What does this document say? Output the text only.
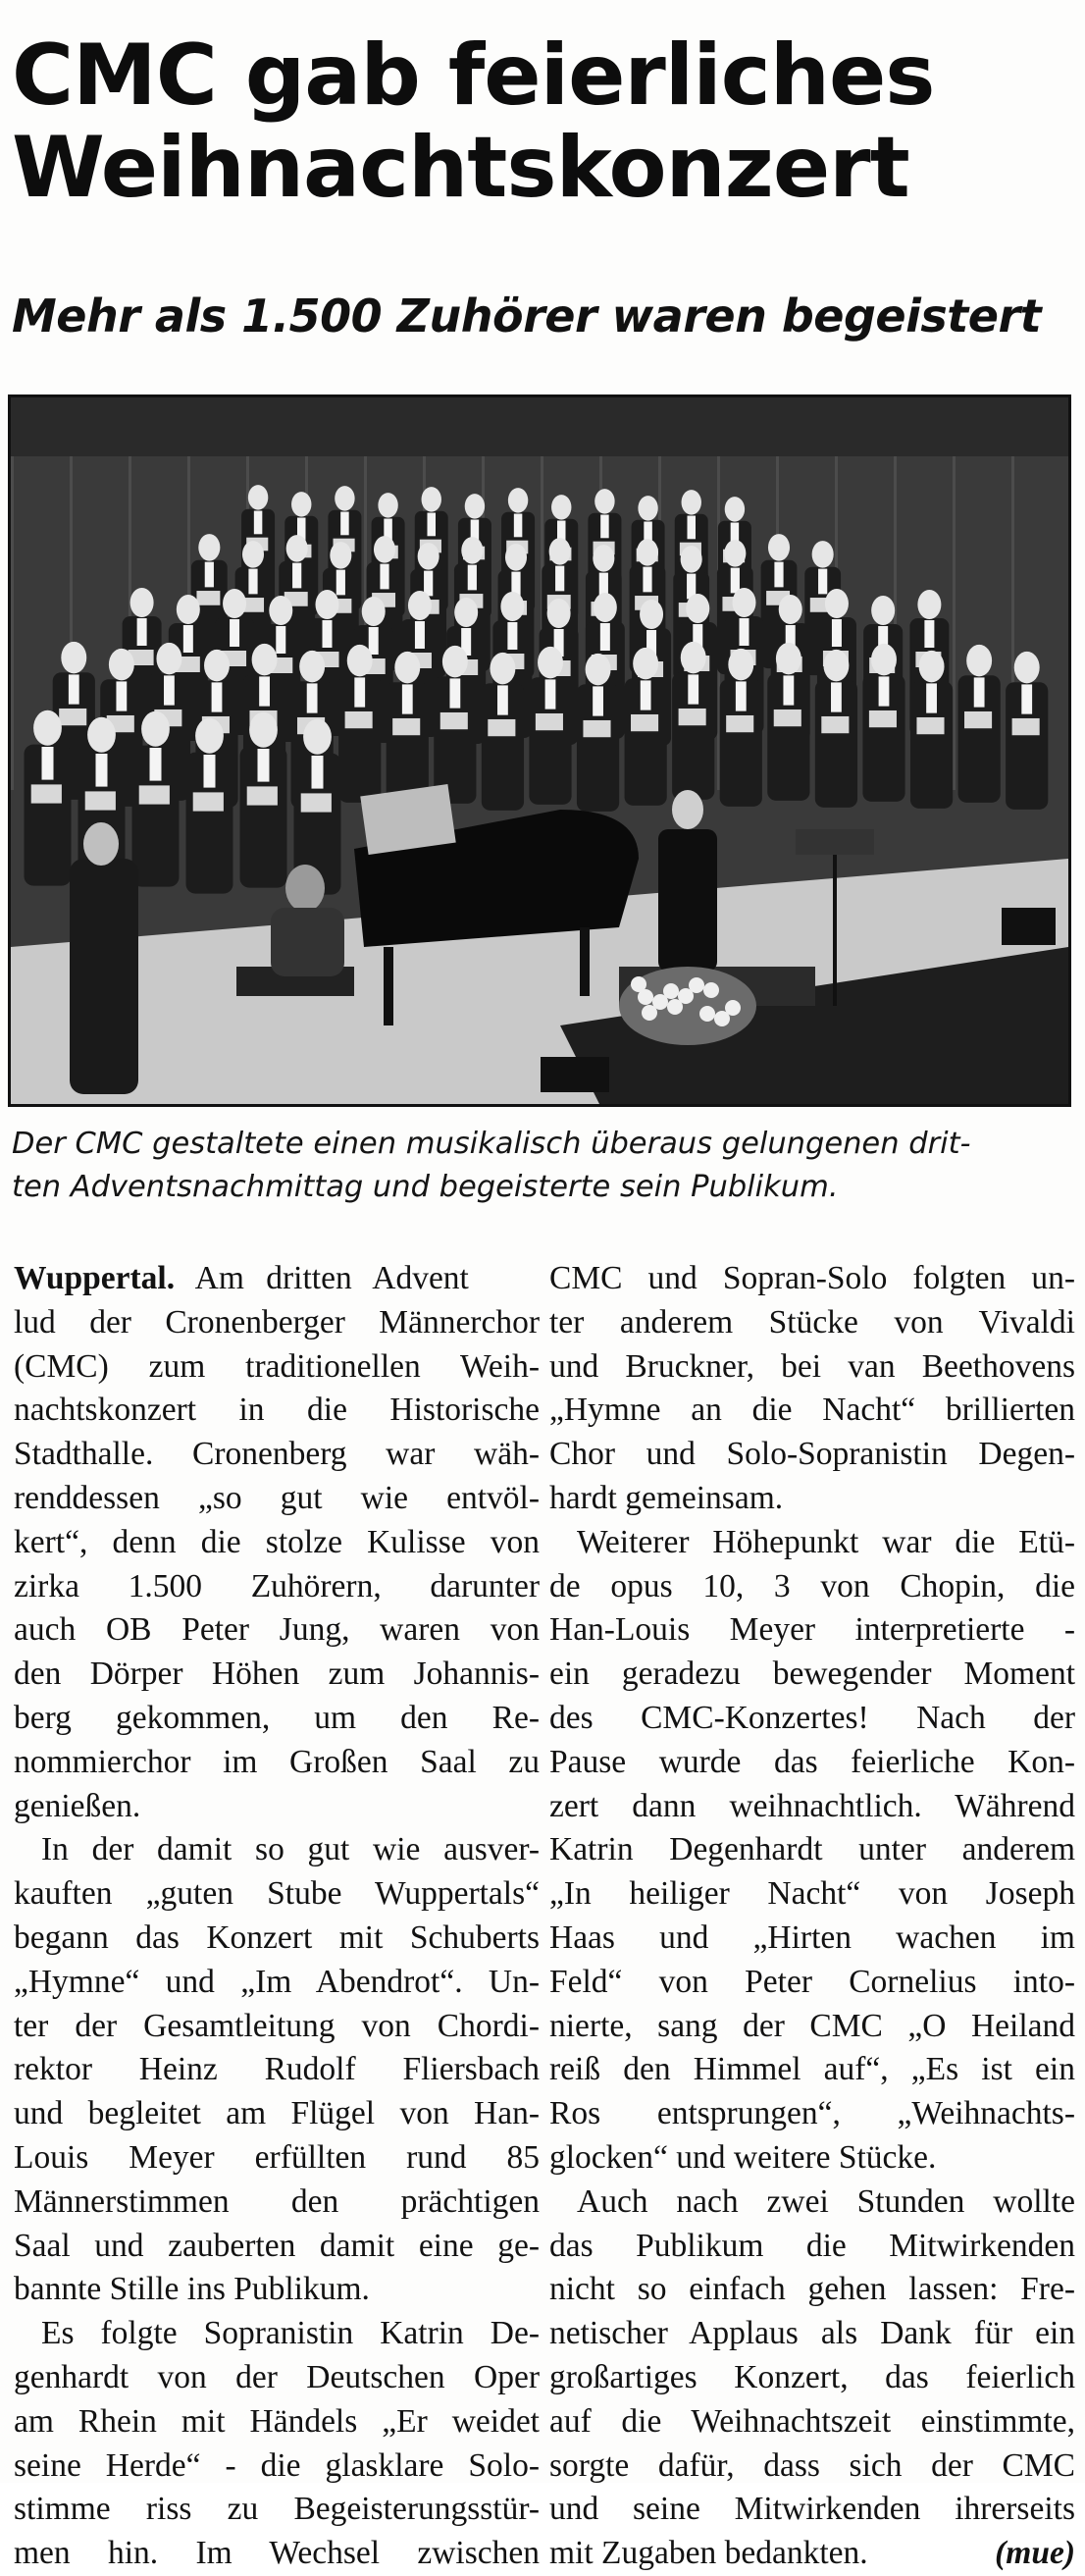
CMC gab feierliches
Weihnachtskonzert
Mehr als 1.500 Zuhörer waren begeistert

Der CMC gestaltete einen musikalisch überaus gelungenen drit-
ten Adventsnachmittag und begeisterte sein Publikum.

Wuppertal. Am dritten Advent
lud der Cronenberger Männerchor
(CMC) zum traditionellen Weih-
nachtskonzert in die Historische
Stadthalle. Cronenberg war wäh-
renddessen „so gut wie entvöl-
kert“, denn die stolze Kulisse von
zirka 1.500 Zuhörern, darunter
auch OB Peter Jung, waren von
den Dörper Höhen zum Johannis-
berg gekommen, um den Re-
nommierchor im Großen Saal zu
genießen.
In der damit so gut wie ausver-
kauften „guten Stube Wuppertals“
begann das Konzert mit Schuberts
„Hymne“ und „Im Abendrot“. Un-
ter der Gesamtleitung von Chordi-
rektor Heinz Rudolf Fliersbach
und begleitet am Flügel von Han-
Louis Meyer erfüllten rund 85
Männerstimmen den prächtigen
Saal und zauberten damit eine ge-
bannte Stille ins Publikum.
Es folgte Sopranistin Katrin De-
genhardt von der Deutschen Oper
am Rhein mit Händels „Er weidet
seine Herde“ - die glasklare Solo-
stimme riss zu Begeisterungsstür-
men hin. Im Wechsel zwischen
CMC und Sopran-Solo folgten un-
ter anderem Stücke von Vivaldi
und Bruckner, bei van Beethovens
„Hymne an die Nacht“ brillierten
Chor und Solo-Sopranistin Degen-
hardt gemeinsam.
Weiterer Höhepunkt war die Etü-
de opus 10, 3 von Chopin, die
Han-Louis Meyer interpretierte -
ein geradezu bewegender Moment
des CMC-Konzertes! Nach der
Pause wurde das feierliche Kon-
zert dann weihnachtlich. Während
Katrin Degenhardt unter anderem
„In heiliger Nacht“ von Joseph
Haas und „Hirten wachen im
Feld“ von Peter Cornelius into-
nierte, sang der CMC „O Heiland
reiß den Himmel auf“, „Es ist ein
Ros entsprungen“, „Weihnachts-
glocken“ und weitere Stücke.
Auch nach zwei Stunden wollte
das Publikum die Mitwirkenden
nicht so einfach gehen lassen: Fre-
netischer Applaus als Dank für ein
großartiges Konzert, das feierlich
auf die Weihnachtszeit einstimmte,
sorgte dafür, dass sich der CMC
und seine Mitwirkenden ihrerseits
mit Zugaben bedankten.	(mue)
